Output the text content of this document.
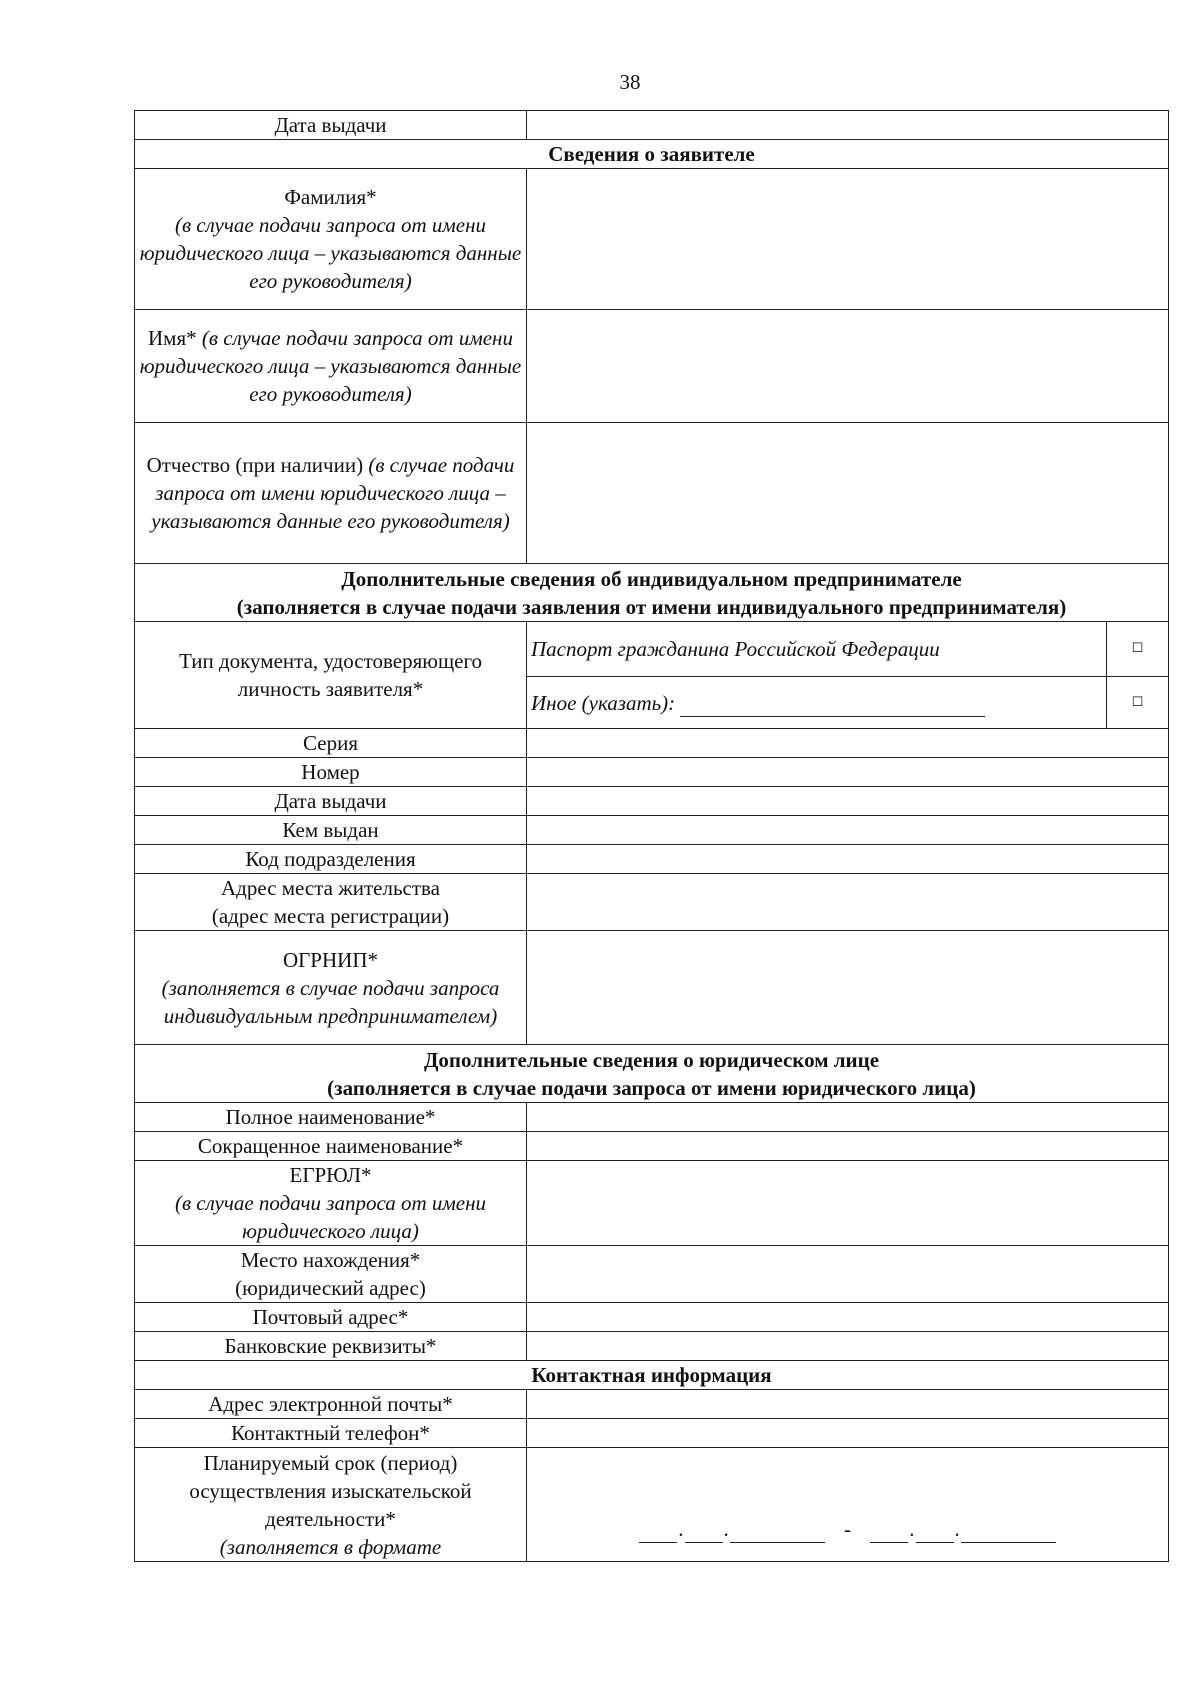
38
Дата выдачи		
Сведения о заявителе		
Фамилия*
(в случае подачи запроса от имени юридического лица – указываются данные его руководителя)		
Имя* (в случае подачи запроса от имени юридического лица – указываются данные его руководителя)		
Отчество (при наличии) (в случае подачи запроса от имени юридического лица – указываются данные его руководителя)		
Дополнительные сведения об индивидуальном предпринимателе
(заполняется в случае подачи заявления от имени индивидуального предпринимателя)		
Тип документа, удостоверяющего личность заявителя*	Паспорт гражданина Российской Федерации	☐
	Иное (указать):	☐
Серия		
Номер		
Дата выдачи		
Кем выдан		
Код подразделения		
Адрес места жительства
(адрес места регистрации)		
ОГРНИП*
(заполняется в случае подачи запроса индивидуальным предпринимателем)		
Дополнительные сведения о юридическом лице
(заполняется в случае подачи запроса от имени юридического лица)		
Полное наименование*		
Сокращенное наименование*		
ЕГРЮЛ*
(в случае подачи запроса от имени юридического лица)		
Место нахождения*
(юридический адрес)		
Почтовый адрес*		
Банковские реквизиты*		
Контактная информация		
Адрес электронной почты*		
Контактный телефон*		
Планируемый срок (период) осуществления изыскательской деятельности*
(заполняется в формате	. . - . .	
